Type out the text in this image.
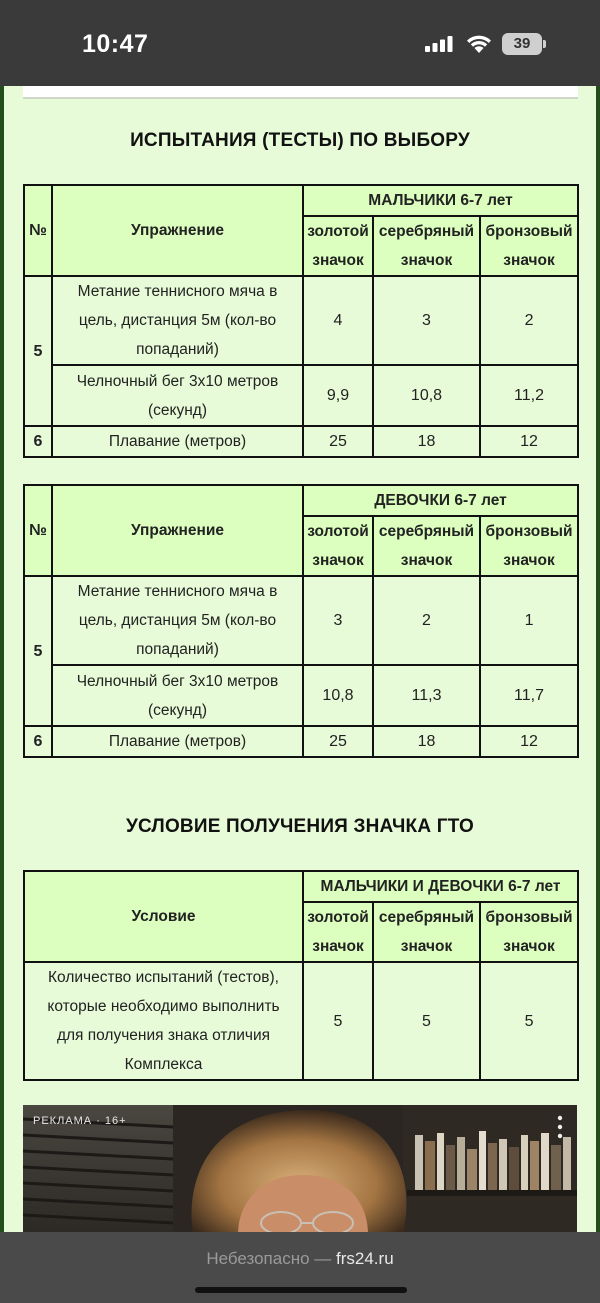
10:47	39
ИСПЫТАНИЯ (ТЕСТЫ) ПО ВЫБОРУ
№	Упражнение	МАЛЬЧИКИ 6-7 лет		
		золотой значок	серебряный значок	бронзовый значок
5	Метание теннисного мяча в цель, дистанция 5м (кол-во попаданий)	4	3	2
	Челночный бег 3х10 метров (секунд)	9,9	10,8	11,2
6	Плавание (метров)	25	18	12
№	Упражнение	ДЕВОЧКИ 6-7 лет		
		золотой значок	серебряный значок	бронзовый значок
5	Метание теннисного мяча в цель, дистанция 5м (кол-во попаданий)	3	2	1
	Челночный бег 3х10 метров (секунд)	10,8	11,3	11,7
6	Плавание (метров)	25	18	12
УСЛОВИЕ ПОЛУЧЕНИЯ ЗНАЧКА ГТО
Условие	МАЛЬЧИКИ И ДЕВОЧКИ 6-7 лет		
	золотой значок	серебряный значок	бронзовый значок
Количество испытаний (тестов), которые необходимо выполнить для получения знака отличия Комплекса	5	5	5
РЕКЛАМА · 16+
Небезопасно — frs24.ru
